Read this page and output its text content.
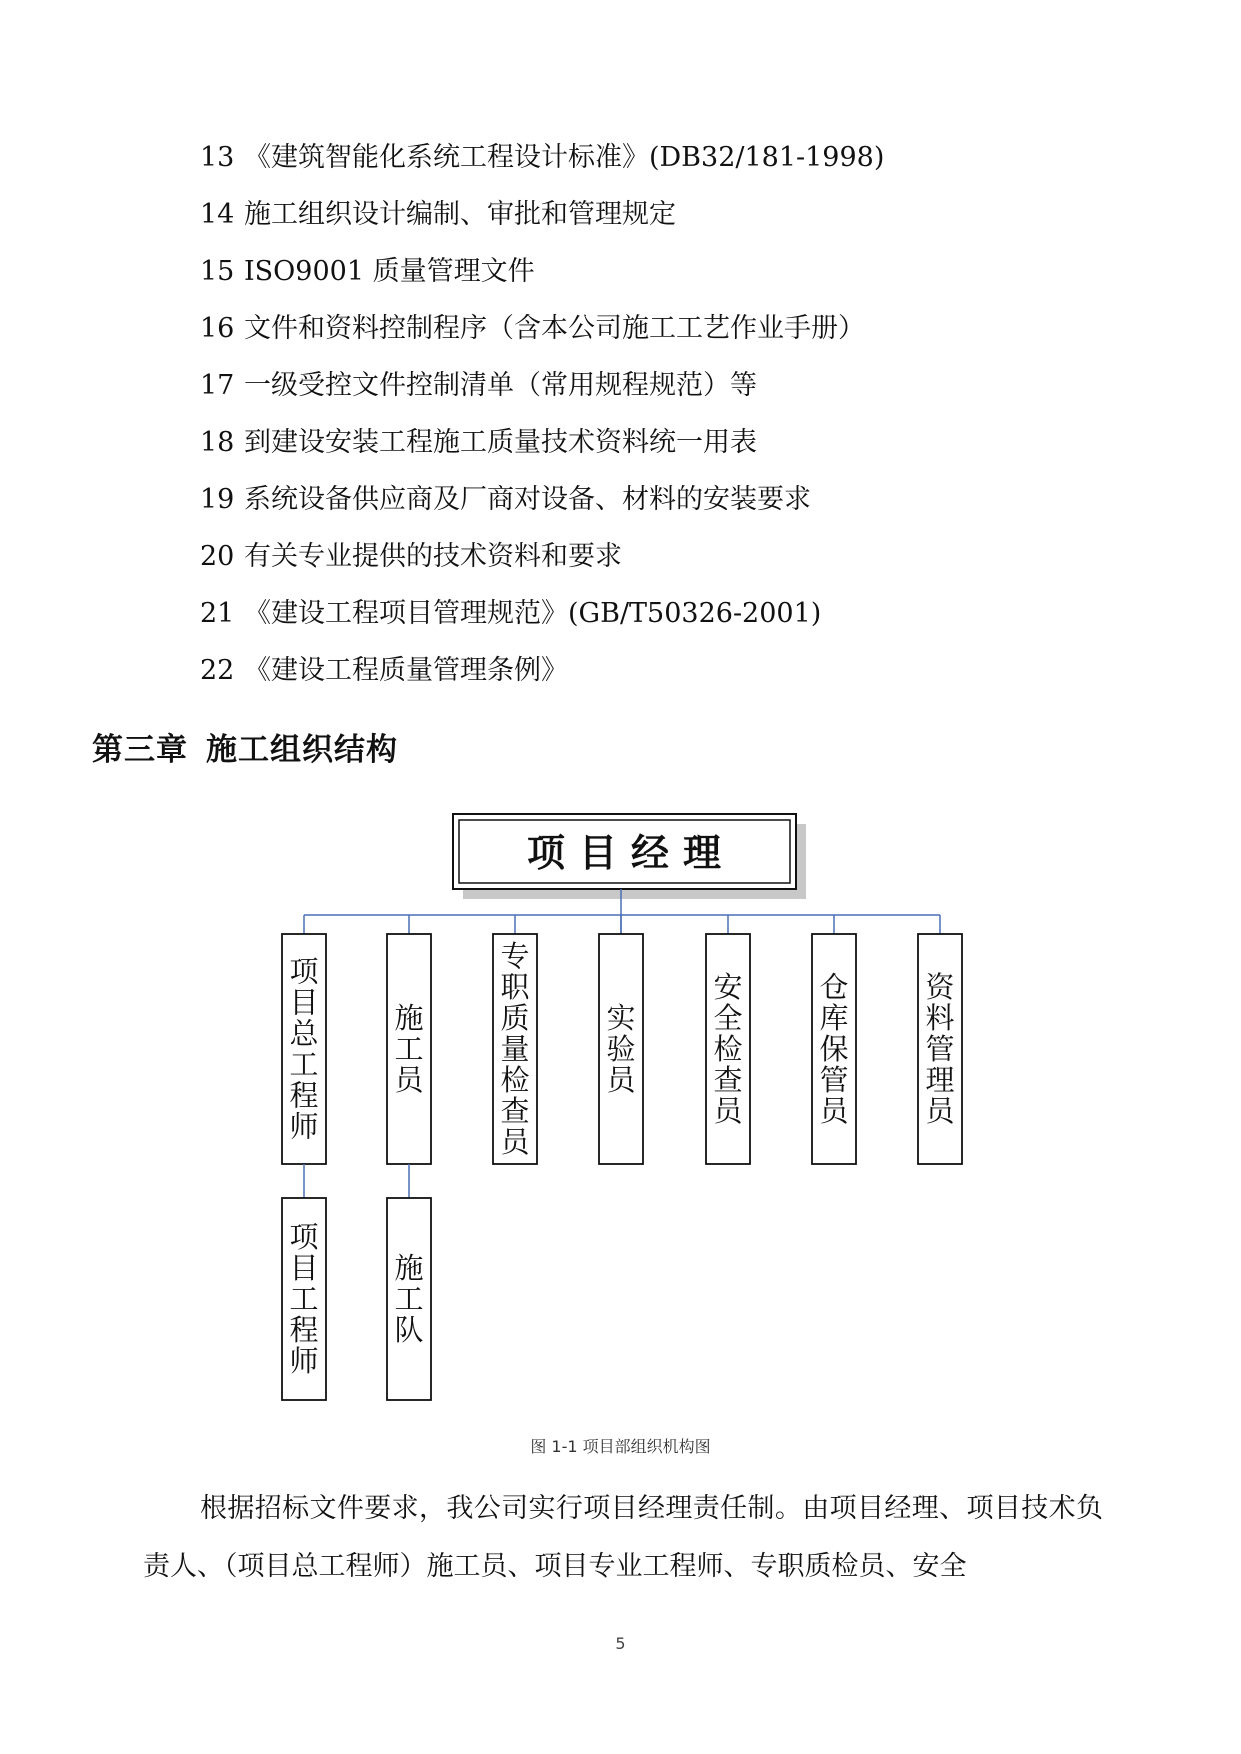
13 《建筑智能化系统工程设计标准》(DB32/181-1998)
14 施工组织设计编制、审批和管理规定
15 ISO9001 质量管理文件
16 文件和资料控制程序（含本公司施工工艺作业手册）
17 一级受控文件控制清单（常用规程规范）等
18 到建设安装工程施工质量技术资料统一用表
19 系统设备供应商及厂商对设备、材料的安装要求
20 有关专业提供的技术资料和要求
21 《建设工程项目管理规范》(GB/T50326-2001)
22 《建设工程质量管理条例》
第三章 施工组织结构
项目经理
项目总工程师
施工员
专职质量检查员
实验员
安全检查员
仓库保管员
资料管理员
项目工程师
施工队
图 1-1 项目部组织机构图

根据招标文件要求，我公司实行项目经理责任制。由项目经理、项目技术负责人、（项目总工程师）施工员、项目专业工程师、专职质检员、安全

5
